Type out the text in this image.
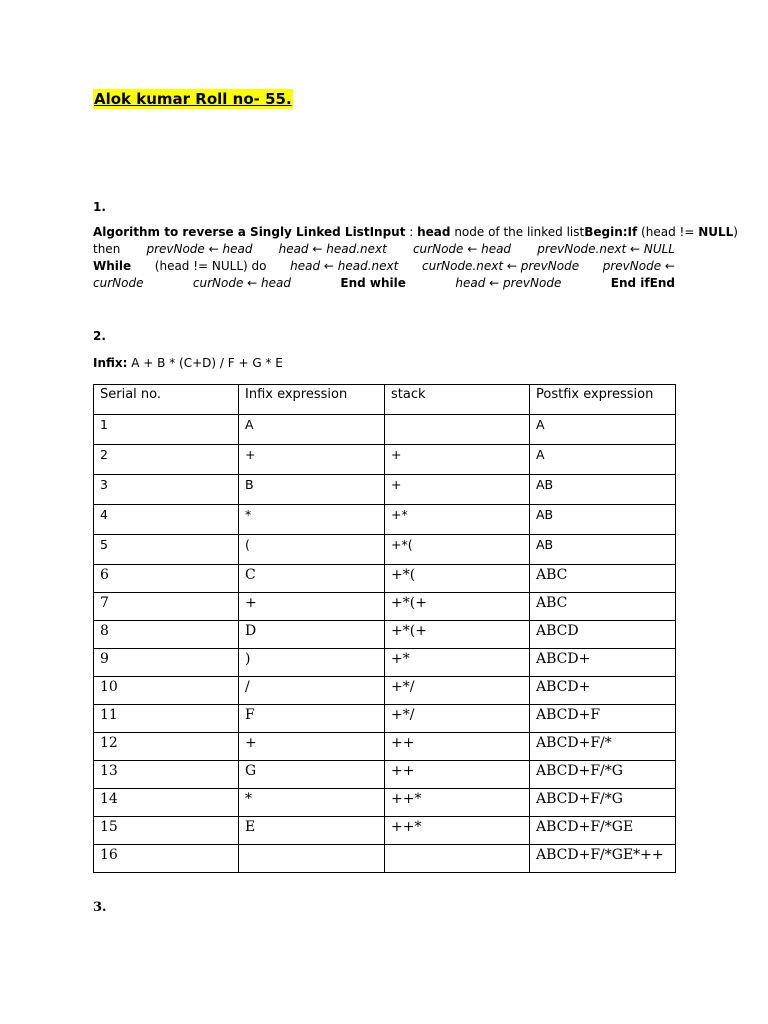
Alok kumar Roll no- 55.
1.
Algorithm to reverse a Singly Linked ListInput : head node of the linked listBegin: If (head != NULL)
then prevNode ← head head ← head.next curNode ← head prevNode.next ← NULL
While (head != NULL) do head ← head.next curNode.next ← prevNode prevNode ←
curNode	curNode ← head	End while	head ← prevNode	End ifEnd
2.
Infix: A + B * (C+D) / F + G * E
Serial no.	Infix expression	stack	Postfix expression
1	A		A
2	+	+	A
3	B	+	AB
4	*	+*	AB
5	(	+*(	AB
6	C	+*(	ABC
7	+	+*(+	ABC
8	D	+*(+	ABCD
9	)	+*	ABCD+
10	/	+*/	ABCD+
11	F	+*/	ABCD+F
12	+	++	ABCD+F/*
13	G	++	ABCD+F/*G
14	*	++*	ABCD+F/*G
15	E	++*	ABCD+F/*GE
16			ABCD+F/*GE*++
3.
